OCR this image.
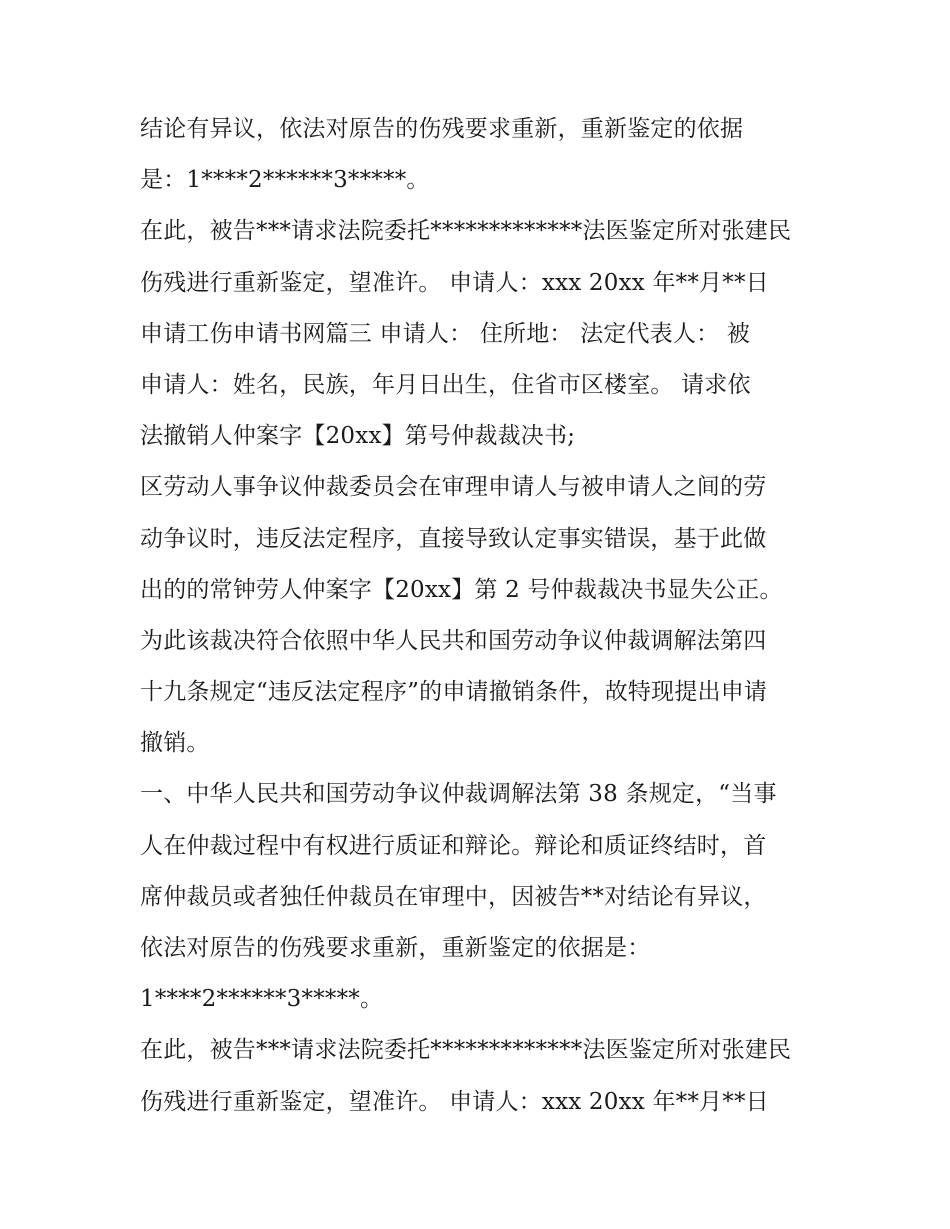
结论有异议，依法对原告的伤残要求重新，重新鉴定的依据
是：1****2******3*****。
在此，被告***请求法院委托*************法医鉴定所对张建民
伤残进行重新鉴定，望准许。 申请人：xxx 20xx 年**月**日
申请工伤申请书网篇三 申请人： 住所地： 法定代表人： 被
申请人：姓名，民族，年月日出生，住省市区楼室。 请求依
法撤销人仲案字【20xx】第号仲裁裁决书;
区劳动人事争议仲裁委员会在审理申请人与被申请人之间的劳
动争议时，违反法定程序，直接导致认定事实错误，基于此做
出的的常钟劳人仲案字【20xx】第 2 号仲裁裁决书显失公正。
为此该裁决符合依照中华人民共和国劳动争议仲裁调解法第四
十九条规定“违反法定程序”的申请撤销条件，故特现提出申请
撤销。
一、中华人民共和国劳动争议仲裁调解法第 38 条规定，“当事
人在仲裁过程中有权进行质证和辩论。辩论和质证终结时，首
席仲裁员或者独任仲裁员在审理中，因被告**对结论有异议，
依法对原告的伤残要求重新，重新鉴定的依据是：
1****2******3*****。
在此，被告***请求法院委托*************法医鉴定所对张建民
伤残进行重新鉴定，望准许。 申请人：xxx 20xx 年**月**日
